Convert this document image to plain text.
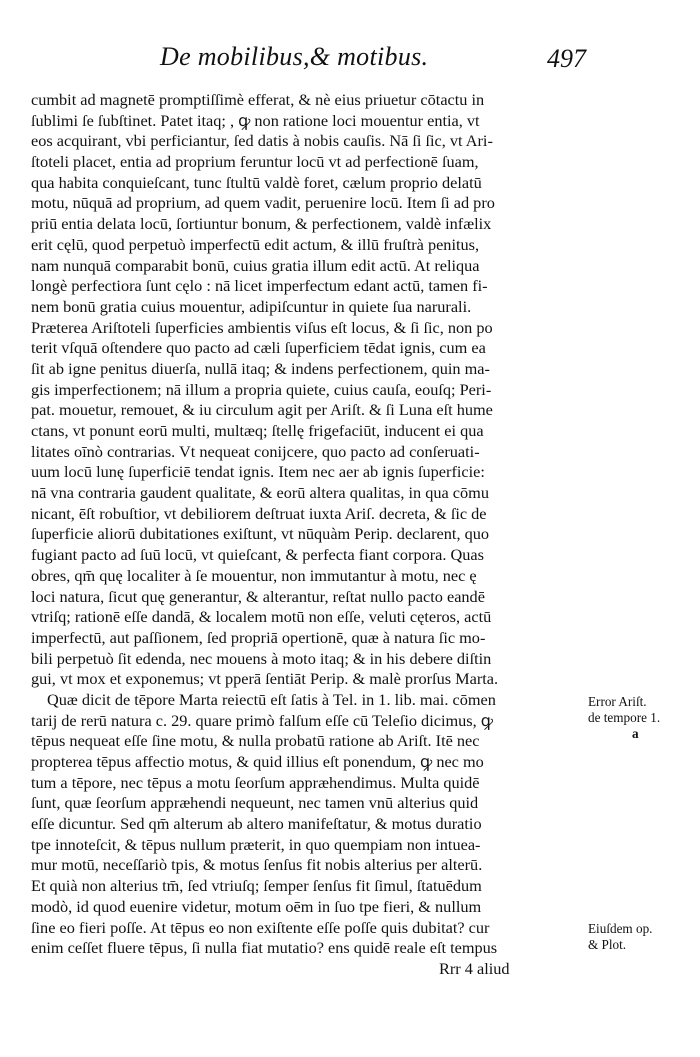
De mobilibus,& motibus.	497
cumbit ad magnetē promptiſſimè efferat, & nè eius priuetur cōtactu in
ſublimi ſe ſubſtinet. Patet itaq; , ꝙ non ratione loci mouentur entia, vt
eos acquirant, vbi perficiantur, ſed datis à nobis cauſis. Nā ſi ſic, vt Ari-
ſtoteli placet, entia ad proprium feruntur locū vt ad perfectionē ſuam,
qua habita conquieſcant, tunc ſtultū valdè foret, cælum proprio delatū
motu, nūquā ad proprium, ad quem vadit, peruenire locū. Item ſi ad pro
priū entia delata locū, ſortiuntur bonum, & perfectionem, valdè infælix
erit cęlū, quod perpetuò imperfectū edit actum, & illū fruſtrà penitus,
nam nunquā comparabit bonū, cuius gratia illum edit actū. At reliqua
longè perfectiora ſunt cęlo : nā licet imperfectum edant actū, tamen fi-
nem bonū gratia cuius mouentur, adipiſcuntur in quiete ſua narurali.
Præterea Ariſtoteli ſuperficies ambientis viſus eſt locus, & ſi ſic, non po
terit vſquā oſtendere quo pacto ad cæli ſuperficiem tēdat ignis, cum ea
ſit ab igne penitus diuerſa, nullā itaq; & indens perfectionem, quin ma-
gis imperfectionem; nā illum a propria quiete, cuius cauſa, eouſq; Peri-
pat. mouetur, remouet, & iu circulum agit per Ariſt. & ſi Luna eſt hume
ctans, vt ponunt eorū multi, multæq; ſtellę frigefaciūt, inducent ei qua
litates oīnò contrarias. Vt nequeat conijcere, quo pacto ad conſeruati-
uum locū lunę ſuperficiē tendat ignis. Item nec aer ab ignis ſuperficie:
nā vna contraria gaudent qualitate, & eorū altera qualitas, in qua cōmu
nicant, ēſt robuſtior, vt debiliorem deſtruat iuxta Ariſ. decreta, & ſic de
ſuperficie aliorū dubitationes exiſtunt, vt nūquàm Perip. declarent, quo
fugiant pacto ad ſuū locū, vt quieſcant, & perfecta fiant corpora. Quas
obres, qm̄ quę localiter à ſe mouentur, non immutantur à motu, nec ę
loci natura, ſicut quę generantur, & alterantur, reſtat nullo pacto eandē
vtriſq; rationē eſſe dandā, & localem motū non eſſe, veluti cęteros, actū
imperfectū, aut paſſionem, ſed propriā opertionē, quæ à natura ſic mo-
bili perpetuò ſit edenda, nec mouens à moto itaq; & in his debere diſtin
gui, vt mox et exponemus; vt pperā ſentiāt Perip. & malè prorſus Marta.
Quæ dicit de tēpore Marta reiectū eſt ſatis à Tel. in 1. lib. mai. cōmen
tarij de rerū natura c. 29. quare primò falſum eſſe cū Teleſio dicimus, ꝙ
tēpus nequeat eſſe ſine motu, & nulla probatū ratione ab Ariſt. Itē nec
propterea tēpus affectio motus, & quid illius eſt ponendum, ꝙ nec mo
tum a tēpore, nec tēpus a motu ſeorſum appræhendimus. Multa quidē
ſunt, quæ ſeorſum appræhendi nequeunt, nec tamen vnū alterius quid
eſſe dicuntur. Sed qm̄ alterum ab altero manifeſtatur, & motus duratio
tpe innoteſcit, & tēpus nullum præterit, in quo quempiam non intuea-
mur motū, neceſſariò tpis, & motus ſenſus fit nobis alterius per alterū.
Et quià non alterius tm̄, ſed vtriuſq; ſemper ſenſus fit ſimul, ſtatuēdum
modò, id quod euenire videtur, motum oēm in ſuo tpe fieri, & nullum
ſine eo fieri poſſe. At tēpus eo non exiſtente eſſe poſſe quis dubitat? cur
enim ceſſet fluere tēpus, ſi nulla fiat mutatio? ens quidē reale eſt tempus
Rrr 4 aliud
Error Ariſt.
de tempore 1.
a
Eiuſdem op.
& Plot.
